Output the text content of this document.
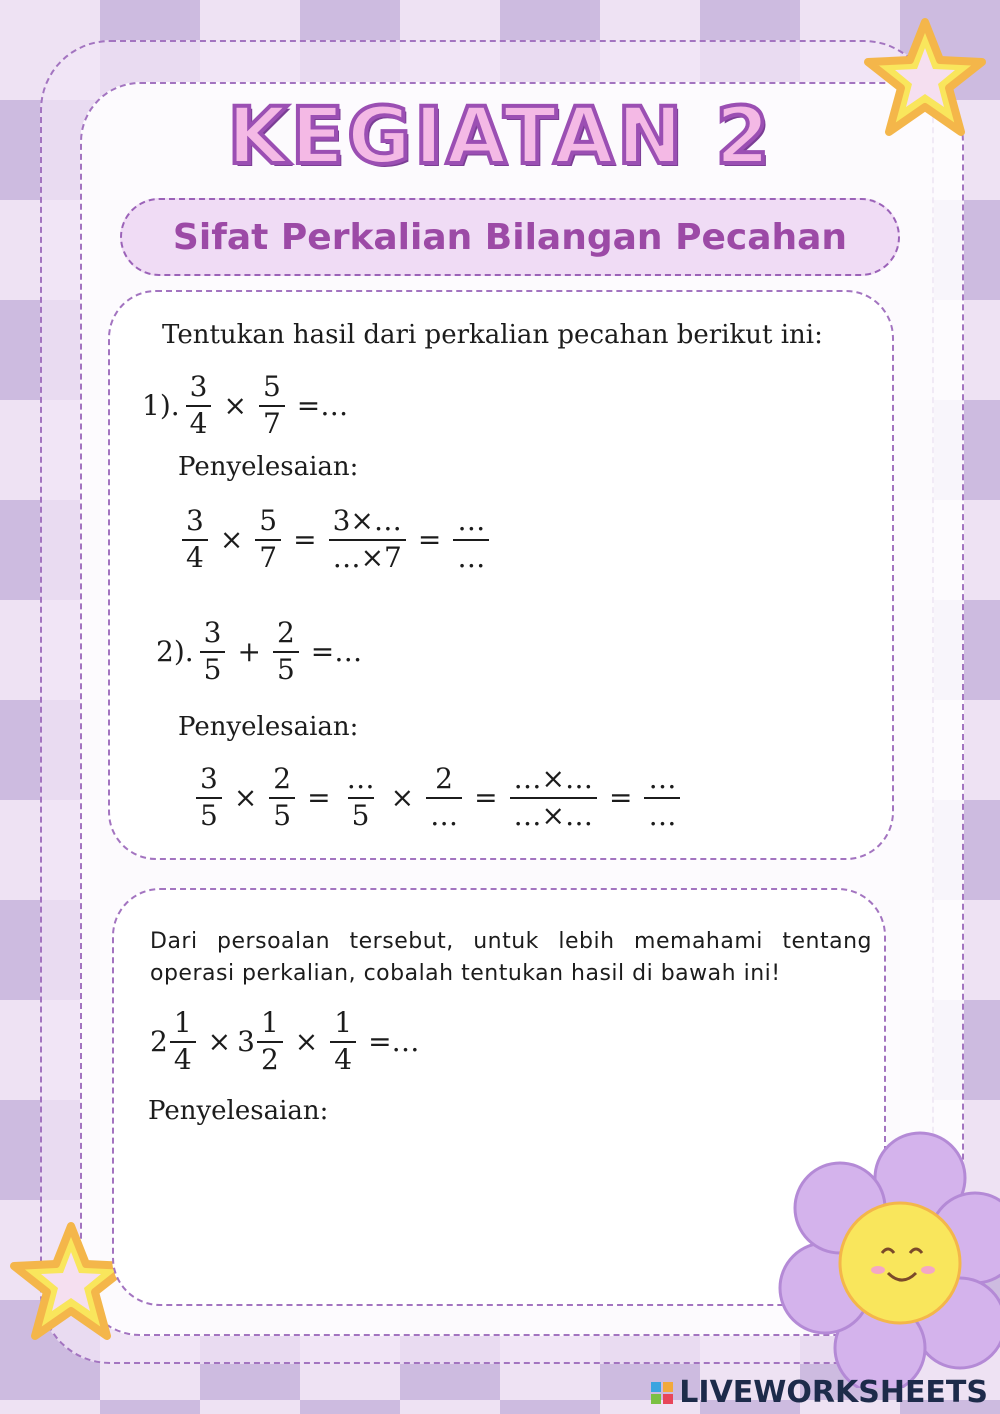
KEGIATAN 2
Sifat Perkalian Bilangan Pecahan
Tentukan hasil dari perkalian pecahan berikut ini:
1). $\frac{3}{4} \times \frac{5}{7}$ =…
Penyelesaian:
$\frac{3}{4} \times \frac{5}{7} = \frac{3\times\dots}{\dots\times 7} = \frac{\dots}{\dots}$
2). $\frac{3}{5} + \frac{2}{5}$ =…
Penyelesaian:
$\frac{3}{5} \times \frac{2}{5} = \frac{\dots}{5} \times \frac{2}{\dots} = \frac{\dots\times\dots}{\dots\times\dots} = \frac{\dots}{\dots}$
Dari persoalan tersebut, untuk lebih memahami tentang operasi perkalian, cobalah tentukan hasil di bawah ini!
$2 \frac{1}{4} \times 3 \frac{1}{2} \times \frac{1}{4}$ =…
Penyelesaian:
LIVEWORKSHEETS
